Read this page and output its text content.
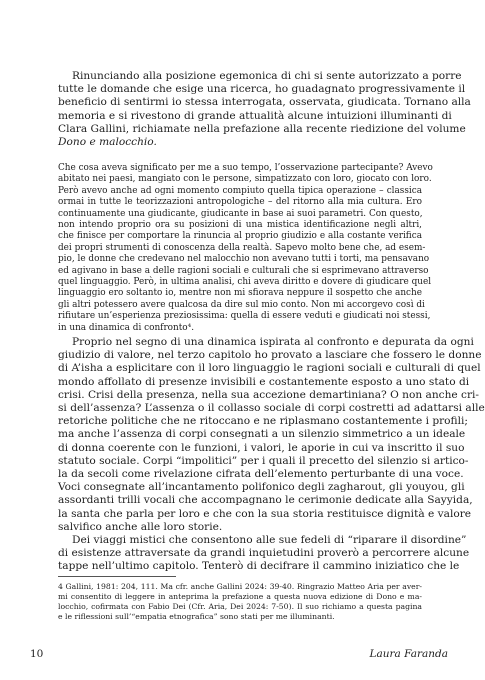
Rinunciando alla posizione egemonica di chi si sente autorizzato a porre
tutte le domande che esige una ricerca, ho guadagnato progressivamente il
beneficio di sentirmi io stessa interrogata, osservata, giudicata. Tornano alla
memoria e si rivestono di grande attualità alcune intuizioni illuminanti di
Clara Gallini, richiamate nella prefazione alla recente riedizione del volume
Dono e malocchio.
Che cosa aveva significato per me a suo tempo, l’osservazione partecipante? Avevo
abitato nei paesi, mangiato con le persone, simpatizzato con loro, giocato con loro.
Però avevo anche ad ogni momento compiuto quella tipica operazione – classica
ormai in tutte le teorizzazioni antropologiche – del ritorno alla mia cultura. Ero
continuamente una giudicante, giudicante in base ai suoi parametri. Con questo,
non intendo proprio ora su posizioni di una mistica identificazione negli altri,
che finisce per comportare la rinuncia al proprio giudizio e alla costante verifica
dei propri strumenti di conoscenza della realtà. Sapevo molto bene che, ad esem-
pio, le donne che credevano nel malocchio non avevano tutti i torti, ma pensavano
ed agivano in base a delle ragioni sociali e culturali che si esprimevano attraverso
quel linguaggio. Però, in ultima analisi, chi aveva diritto e dovere di giudicare quel
linguaggio ero soltanto io, mentre non mi sfiorava neppure il sospetto che anche
gli altri potessero avere qualcosa da dire sul mio conto. Non mi accorgevo così di
rifiutare un’esperienza preziosissima: quella di essere veduti e giudicati noi stessi,
in una dinamica di confronto⁴.
Proprio nel segno di una dinamica ispirata al confronto e depurata da ogni
giudizio di valore, nel terzo capitolo ho provato a lasciare che fossero le donne
di A’isha a esplicitare con il loro linguaggio le ragioni sociali e culturali di quel
mondo affollato di presenze invisibili e costantemente esposto a uno stato di
crisi. Crisi della presenza, nella sua accezione demartiniana? O non anche cri-
si dell’assenza? L’assenza o il collasso sociale di corpi costretti ad adattarsi alle
retoriche politiche che ne ritoccano e ne riplasmano costantemente i profili;
ma anche l’assenza di corpi consegnati a un silenzio simmetrico a un ideale
di donna coerente con le funzioni, i valori, le aporie in cui va inscritto il suo
statuto sociale. Corpi “impolitici” per i quali il precetto del silenzio si artico-
la da secoli come rivelazione cifrata dell’elemento perturbante di una voce.
Voci consegnate all’incantamento polifonico degli zagharout, gli youyou, gli
assordanti trilli vocali che accompagnano le cerimonie dedicate alla Sayyida,
la santa che parla per loro e che con la sua storia restituisce dignità e valore
salvifico anche alle loro storie.
Dei viaggi mistici che consentono alle sue fedeli di “riparare il disordine”
di esistenze attraversate da grandi inquietudini proverò a percorrere alcune
tappe nell’ultimo capitolo. Tenterò di decifrare il cammino iniziatico che le
4 Gallini, 1981: 204, 111. Ma cfr. anche Gallini 2024: 39-40. Ringrazio Matteo Aria per aver-
mi consentito di leggere in anteprima la prefazione a questa nuova edizione di Dono e ma-
locchio, cofirmata con Fabio Dei (Cfr. Aria, Dei 2024: 7-50). Il suo richiamo a questa pagina
e le riflessioni sull’“empatia etnografica” sono stati per me illuminanti.
10	Laura Faranda
